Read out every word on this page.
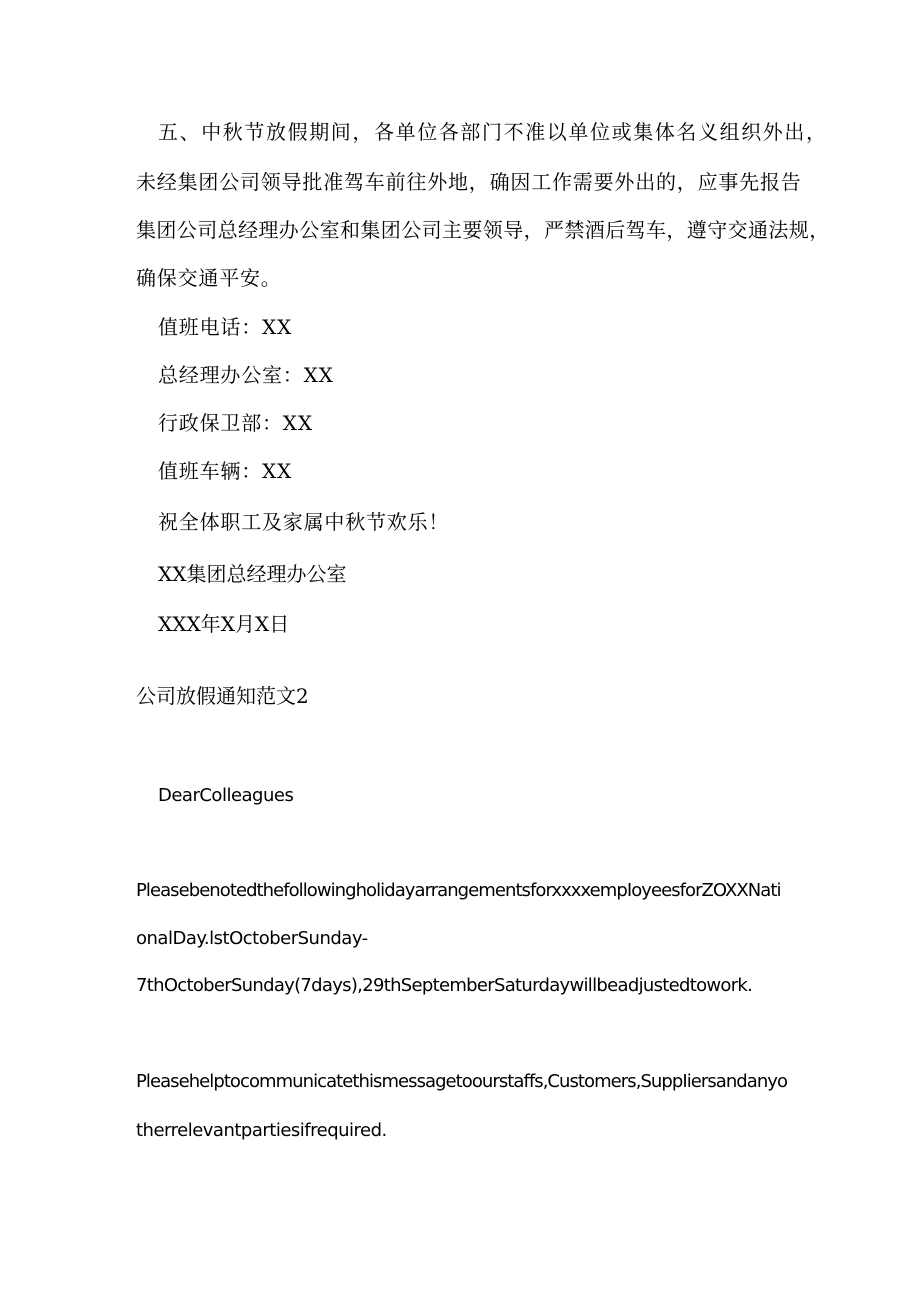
五、中秋节放假期间，各单位各部门不准以单位或集体名义组织外出，
未经集团公司领导批准驾车前往外地，确因工作需要外出的，应事先报告
集团公司总经理办公室和集团公司主要领导，严禁酒后驾车，遵守交通法规，
确保交通平安。
值班电话：XX
总经理办公室：XX
行政保卫部：XX
值班车辆：XX
祝全体职工及家属中秋节欢乐！
XX集团总经理办公室
XXX年X月X日
公司放假通知范文2
DearColleagues
PleasebenotedthefollowingholidayarrangementsforxxxxempIoyeesforZOXXNati
onalDay.lstOctoberSunday-
7thOctoberSunday(7days),29thSeptemberSaturdaywillbeadjustedtowork.
Pleasehelptocommunicatethismessagetoourstaffs‚Customers‚SuppIiersandanyo
therrelevantpartiesifrequired.
